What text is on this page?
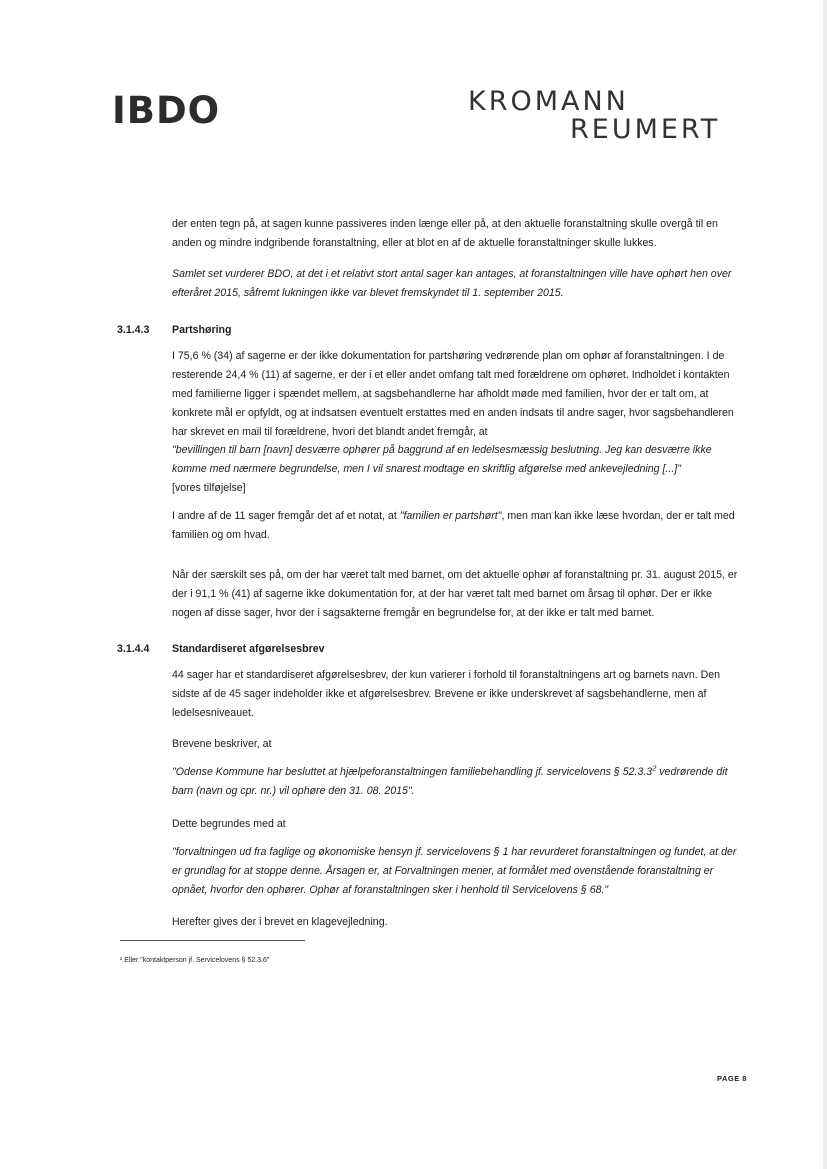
IBDO	KROMANN
REUMERT

der enten tegn på, at sagen kunne passiveres inden længe eller på, at den aktuelle foranstaltning skulle overgå til en anden og mindre indgribende foranstaltning, eller at blot en af de aktuelle foranstaltninger skulle lukkes.

Samlet set vurderer BDO, at det i et relativt stort antal sager kan antages, at foranstaltningen ville have ophørt hen over efteråret 2015, såfremt lukningen ikke var blevet fremskyndet til 1. september 2015.

3.1.4.3 Partshøring

I 75,6 % (34) af sagerne er der ikke dokumentation for partshøring vedrørende plan om ophør af foranstaltningen. I de resterende 24,4 % (11) af sagerne, er der i et eller andet omfang talt med forældrene om ophøret. Indholdet i kontakten med familierne ligger i spændet mellem, at sagsbehandlerne har afholdt møde med familien, hvor der er talt om, at konkrete mål er opfyldt, og at indsatsen eventuelt erstattes med en anden indsats til andre sager, hvor sagsbehandleren har skrevet en mail til forældrene, hvori det blandt andet fremgår, at

"bevillingen til barn [navn] desværre ophører på baggrund af en ledelsesmæssig beslutning. Jeg kan desværre ikke komme med nærmere begrundelse, men I vil snarest modtage en skriftlig afgørelse med ankevejledning [...]"

[vores tilføjelse]

I andre af de 11 sager fremgår det af et notat, at "familien er partshørt", men man kan ikke læse hvordan, der er talt med familien og om hvad.

Når der særskilt ses på, om der har været talt med barnet, om det aktuelle ophør af foranstaltning pr. 31. august 2015, er der i 91,1 % (41) af sagerne ikke dokumentation for, at der har været talt med barnet om årsag til ophør. Der er ikke nogen af disse sager, hvor der i sagsakterne fremgår en begrundelse for, at der ikke er talt med barnet.

3.1.4.4 Standardiseret afgørelsesbrev

44 sager har et standardiseret afgørelsesbrev, der kun varierer i forhold til foranstaltningens art og barnets navn. Den sidste af de 45 sager indeholder ikke et afgørelsesbrev. Brevene er ikke underskrevet af sagsbehandlerne, men af ledelsesniveauet.

Brevene beskriver, at

"Odense Kommune har besluttet at hjælpeforanstaltningen familiebehandling jf. servicelovens § 52.3.3$^2$ vedrørende dit barn (navn og cpr. nr.) vil ophøre den 31. 08. 2015".

Dette begrundes med at

"forvaltningen ud fra faglige og økonomiske hensyn jf. servicelovens § 1 har revurderet foranstaltningen og fundet, at der er grundlag for at stoppe denne. Årsagen er, at Forvaltningen mener, at formålet med ovenstående foranstaltning er opnået, hvorfor den ophører. Ophør af foranstaltningen sker i henhold til Servicelovens § 68."

Herefter gives der i brevet en klagevejledning.

² Eller "kontaktperson jf. Servicelovens § 52.3.6"
PAGE 8
